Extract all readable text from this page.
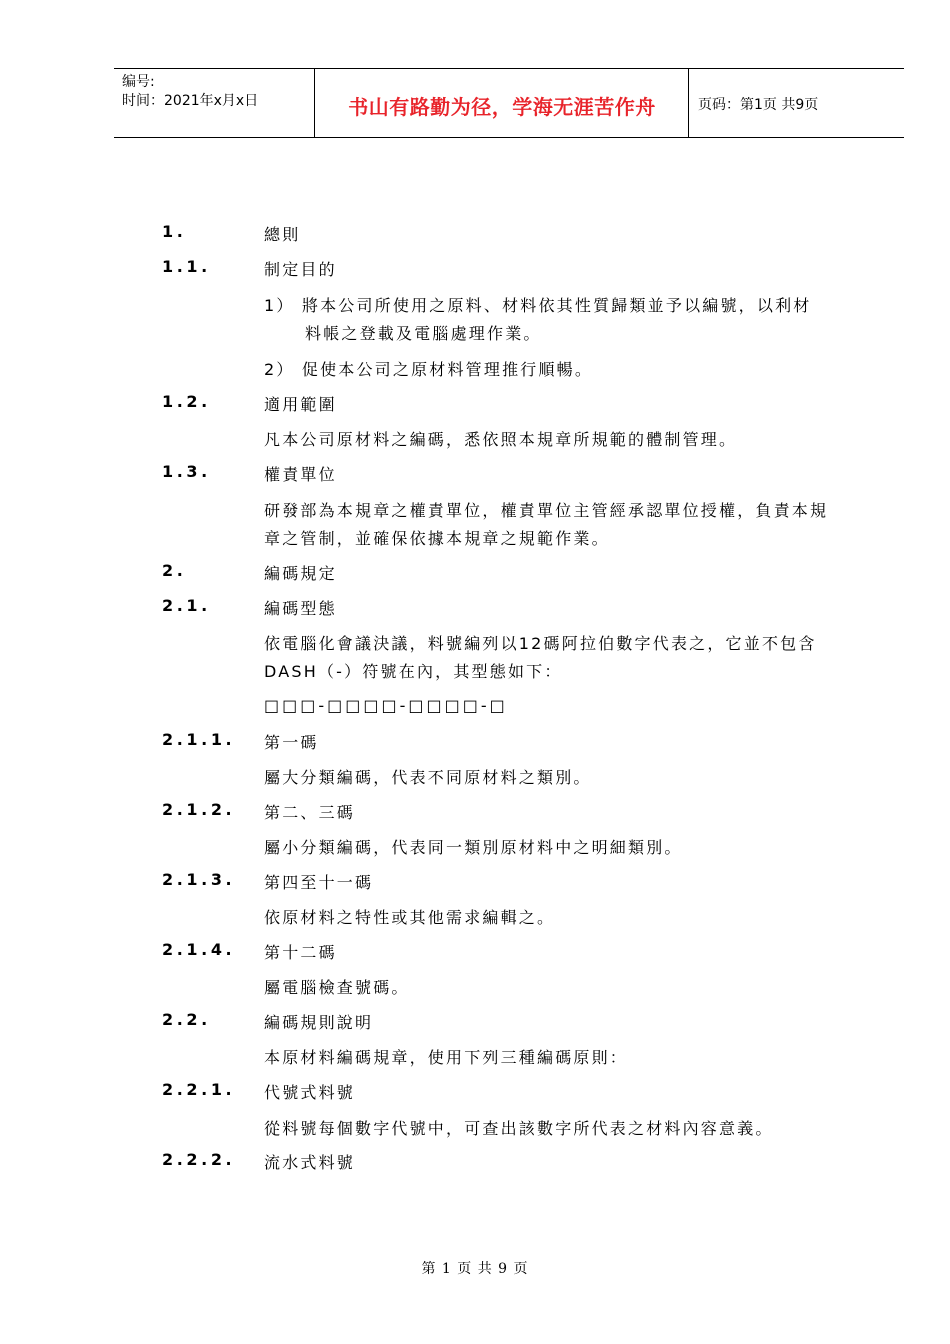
编号:
时间：2021年x月x日	书山有路勤为径，学海无涯苦作舟	页码：第1页 共9页
1.	總則
1.1.	制定目的
1） 將本公司所使用之原料、材料依其性質歸類並予以編號，以利材
料帳之登載及電腦處理作業。
2） 促使本公司之原材料管理推行順暢。
1.2.	適用範圍
凡本公司原材料之編碼，悉依照本規章所規範的體制管理。
1.3.	權責單位
研發部為本規章之權責單位，權責單位主管經承認單位授權，負責本規
章之管制，並確保依據本規章之規範作業。
2.	編碼規定
2.1.	編碼型態
依電腦化會議決議，料號編列以12碼阿拉伯數字代表之，它並不包含
DASH（-）符號在內，其型態如下：
□□□-□□□□-□□□□-□
2.1.1. 第一碼
屬大分類編碼，代表不同原材料之類別。
2.1.2. 第二、三碼
屬小分類編碼，代表同一類別原材料中之明細類別。
2.1.3. 第四至十一碼
依原材料之特性或其他需求編輯之。
2.1.4. 第十二碼
屬電腦檢查號碼。
2.2.	編碼規則說明
本原材料編碼規章，使用下列三種編碼原則：
2.2.1. 代號式料號
從料號每個數字代號中，可查出該數字所代表之材料內容意義。
2.2.2. 流水式料號
第 1 页 共 9 页
